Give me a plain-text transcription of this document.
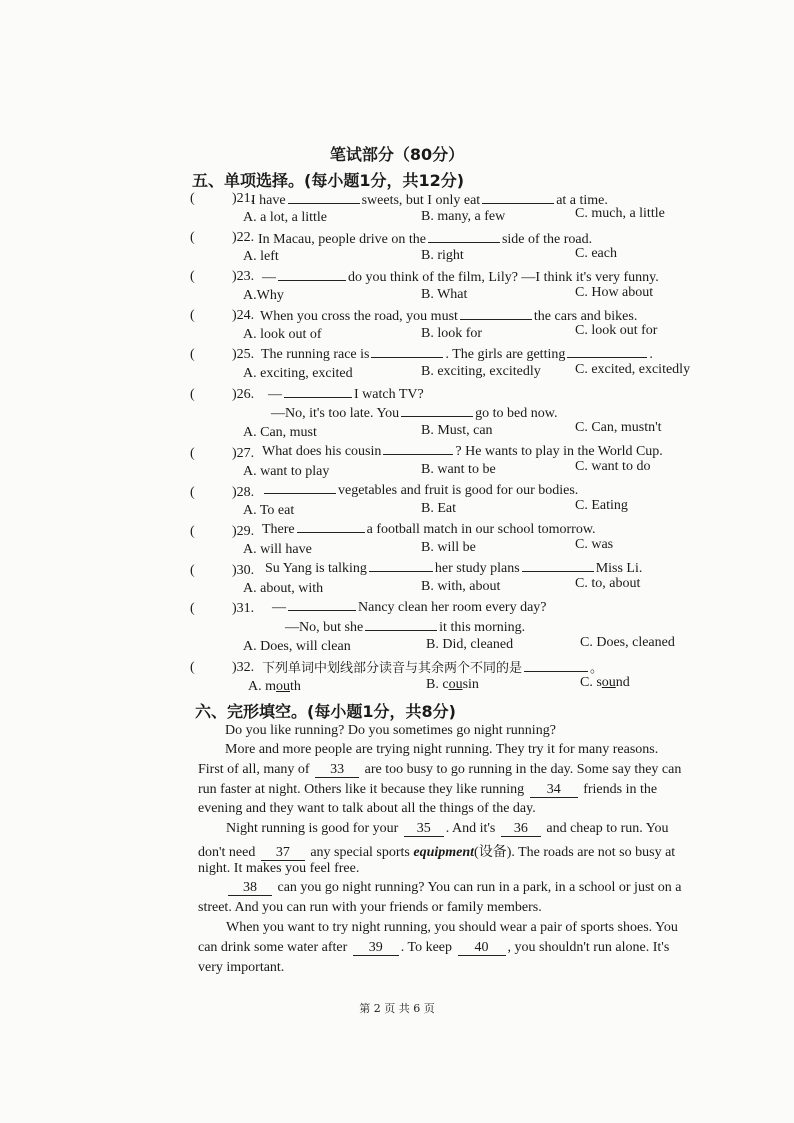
笔试部分（80分）
五、单项选择。(每小题1分，共12分)
(	)21.
I have	sweets, but I only eat	at a time.
A. a lot, a little	B. many, a few	C. much, a little
(	)22. In Macau, people drive on the	side of the road.
A. left	B. right	C. each
(	)23. —	do you think of the film, Lily? —I think it's very funny.
A.Why	B. What	C. How about
(	)24. When you cross the road, you must	the cars and bikes.
A. look out of	B. look for	C. look out for
(	)25. The running race is	. The girls are getting	.
A. exciting, excited	B. exciting, excitedly C. excited, excitedly
(	)26. —	I watch TV?
—No, it's too late. You	go to bed now.
A. Can, must	B. Must, can	C. Can, mustn't
(	)27. What does his cousin	? He wants to play in the World Cup.
A. want to play	B. want to be	C. want to do
(	)28.	vegetables and fruit is good for our bodies.
A. To eat	B. Eat	C. Eating
(	)29. There	a football match in our school tomorrow.
A. will have	B. will be	C. was
(	)30. Su Yang is talking	her study plans	Miss Li.
A. about, with	B. with, about	C. to, about
(	)31. —	Nancy clean her room every day?
—No, but she	it this morning.
A. Does, will clean	B. Did, cleaned	C. Does, cleaned
(	)32. 下列单词中划线部分读音与其余两个不同的是	。
A. mouth	B. cousin	C. sound
六、完形填空。(每小题1分，共8分)
Do you like running? Do you sometimes go night running?
More and more people are trying night running. They try it for many reasons.
First of all, many of 33 are too busy to go running in the day. Some say they can
run faster at night. Others like it because they like running 34 friends in the
evening and they want to talk about all the things of the day.
Night running is good for your 35 . And it's 36 and cheap to run. You
don't need 37 any special sports equipment(设备). The roads are not so busy at
night. It makes you feel free.
38 can you go night running? You can run in a park, in a school or just on a
street. And you can run with your friends or family members.
When you want to try night running, you should wear a pair of sports shoes. You
can drink some water after 39 . To keep 40 , you shouldn't run alone. It's
very important.
第 2 页 共 6 页
